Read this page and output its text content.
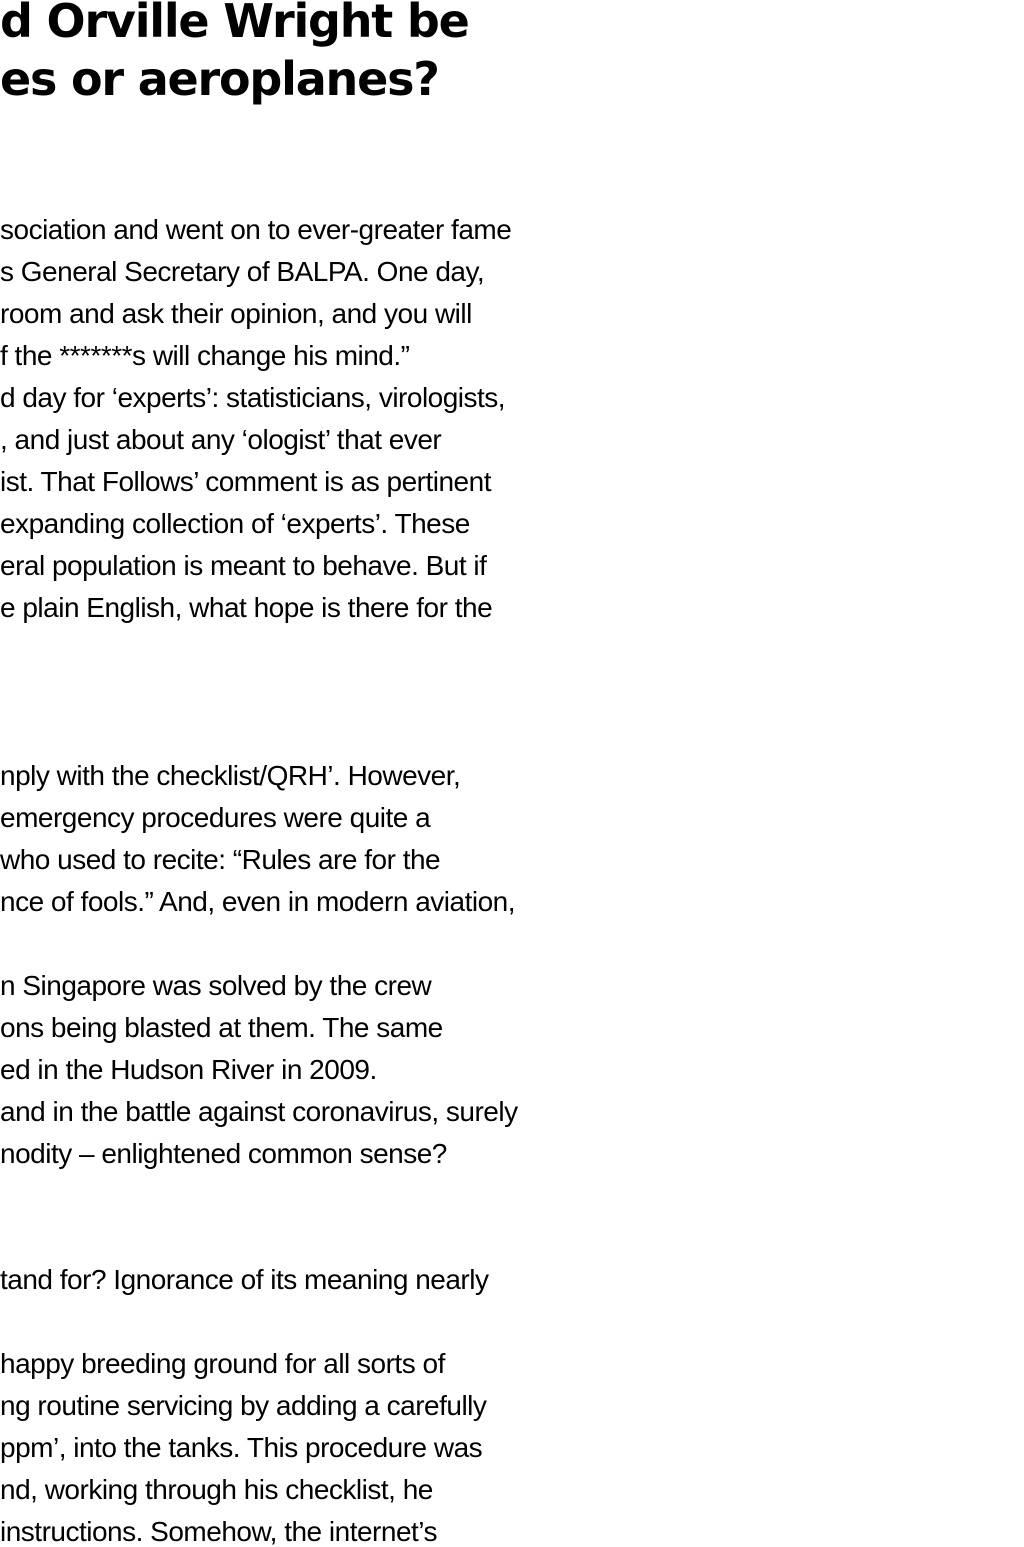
d Orville Wright be
es or aeroplanes?
sociation and went on to ever-greater fame
s General Secretary of BALPA. One day,
room and ask their opinion, and you will
f the *******s will change his mind.”
d day for ‘experts’: statisticians, virologists,
, and just about any ‘ologist’ that ever
ist. That Follows’ comment is as pertinent
expanding collection of ‘experts’. These
eral population is meant to behave. But if
e plain English, what hope is there for the
nply with the checklist/QRH’. However,
emergency procedures were quite a
who used to recite: “Rules are for the
nce of fools.” And, even in modern aviation,
n Singapore was solved by the crew
ons being blasted at them. The same
ed in the Hudson River in 2009.
and in the battle against coronavirus, surely
nodity – enlightened common sense?
tand for? Ignorance of its meaning nearly
happy breeding ground for all sorts of
ng routine servicing by adding a carefully
ppm’, into the tanks. This procedure was
nd, working through his checklist, he
instructions. Somehow, the internet’s
